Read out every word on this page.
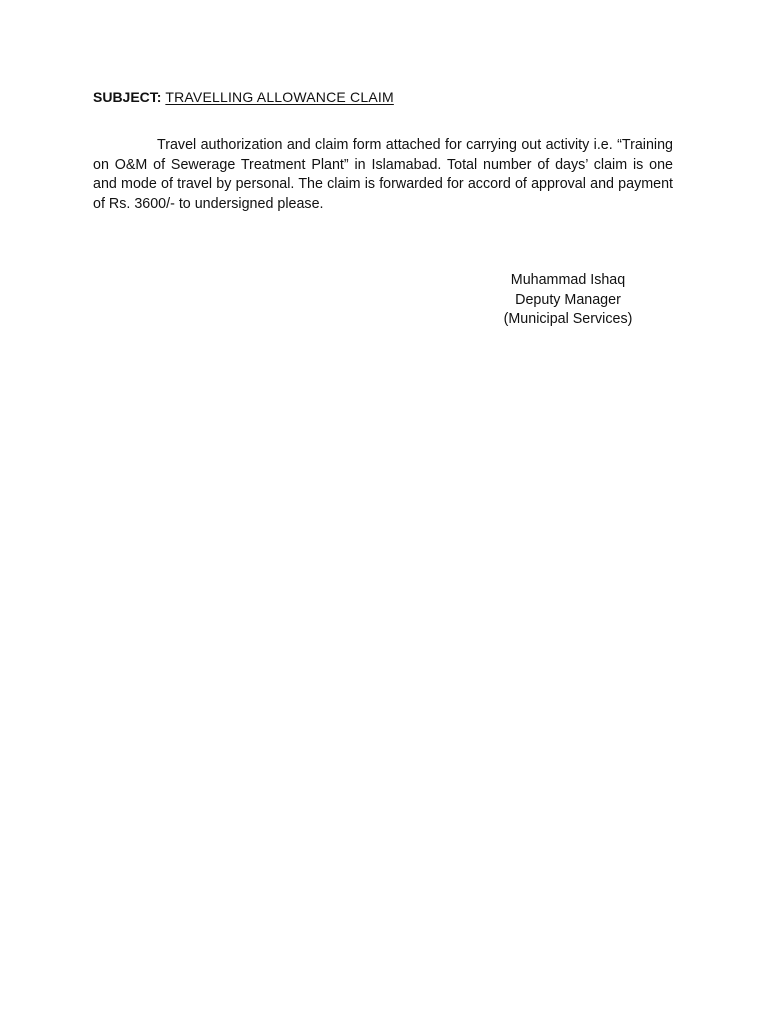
SUBJECT: TRAVELLING ALLOWANCE CLAIM

Travel authorization and claim form attached for carrying out activity i.e. “Training on O&M of Sewerage Treatment Plant” in Islamabad. Total number of days’ claim is one and mode of travel by personal. The claim is forwarded for accord of approval and payment of Rs. 3600/- to undersigned please.

Muhammad Ishaq
Deputy Manager
(Municipal Services)
